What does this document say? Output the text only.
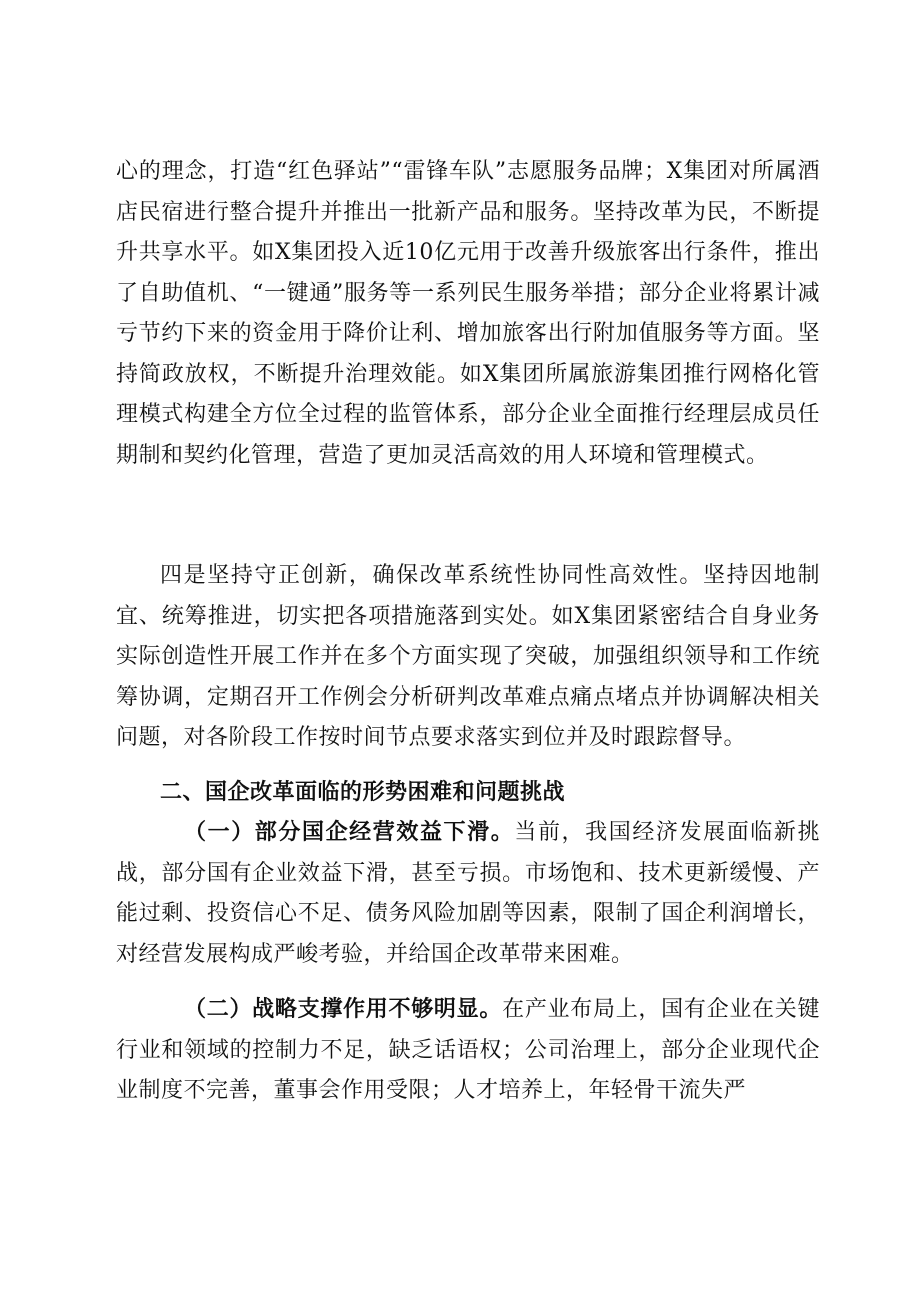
心的理念，打造“红色驿站”“雷锋车队”志愿服务品牌；X集团对所属酒店民宿进行整合提升并推出一批新产品和服务。坚持改革为民，不断提升共享水平。如X集团投入近10亿元用于改善升级旅客出行条件，推出了自助值机、“一键通”服务等一系列民生服务举措；部分企业将累计减亏节约下来的资金用于降价让利、增加旅客出行附加值服务等方面。坚持简政放权，不断提升治理效能。如X集团所属旅游集团推行网格化管理模式构建全方位全过程的监管体系，部分企业全面推行经理层成员任期制和契约化管理，营造了更加灵活高效的用人环境和管理模式。

四是坚持守正创新，确保改革系统性协同性高效性。坚持因地制宜、统筹推进，切实把各项措施落到实处。如X集团紧密结合自身业务实际创造性开展工作并在多个方面实现了突破，加强组织领导和工作统筹协调，定期召开工作例会分析研判改革难点痛点堵点并协调解决相关问题，对各阶段工作按时间节点要求落实到位并及时跟踪督导。

二、国企改革面临的形势困难和问题挑战

（一）部分国企经营效益下滑。当前，我国经济发展面临新挑战，部分国有企业效益下滑，甚至亏损。市场饱和、技术更新缓慢、产能过剩、投资信心不足、债务风险加剧等因素，限制了国企利润增长，对经营发展构成严峻考验，并给国企改革带来困难。

（二）战略支撑作用不够明显。在产业布局上，国有企业在关键行业和领域的控制力不足，缺乏话语权；公司治理上，部分企业现代企业制度不完善，董事会作用受限；人才培养上，年轻骨干流失严
